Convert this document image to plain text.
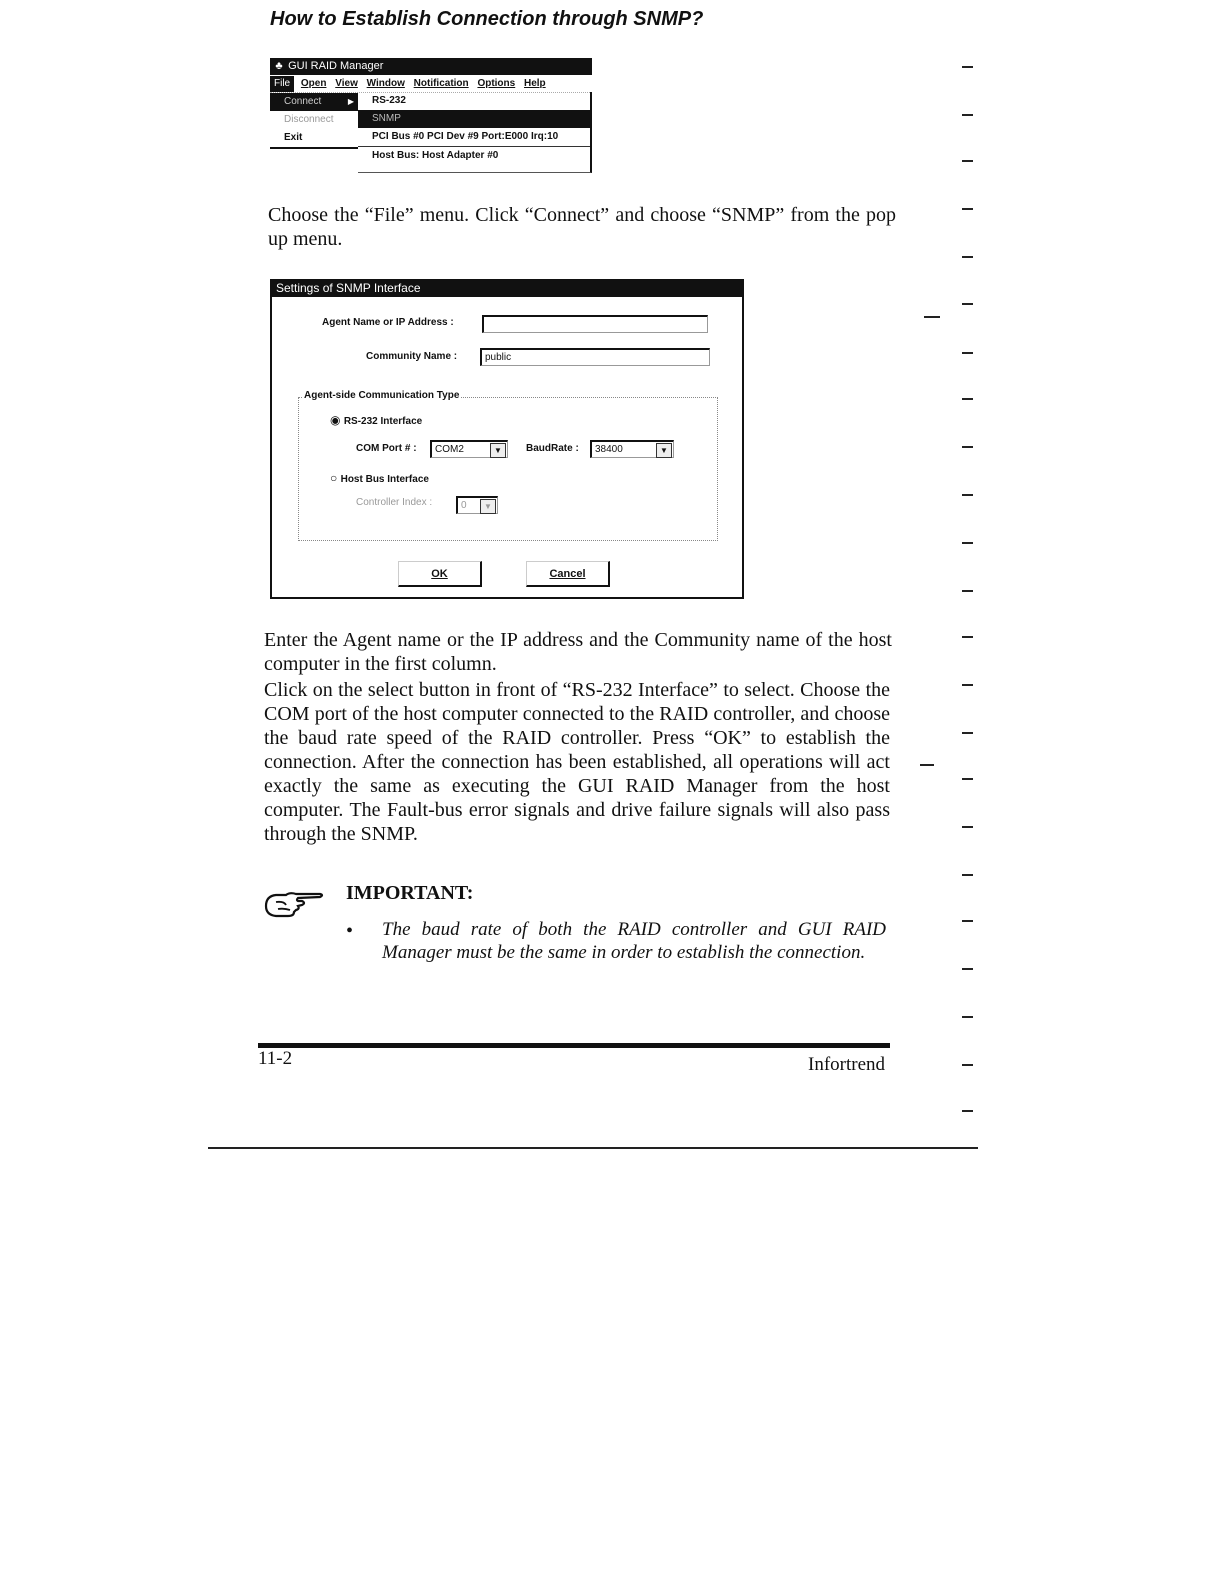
How to Establish Connection through SNMP?
♣ GUI RAID Manager
File Open View Window Notification Options Help
Connect	▶
Disconnect
Exit
RS-232
SNMP
PCI Bus #0 PCI Dev #9 Port:E000 Irq:10
Host Bus: Host Adapter #0
Choose the “File” menu. Click “Connect” and choose “SNMP” from the pop up menu.
Settings of SNMP Interface
Agent Name or IP Address :
Community Name :	public
Agent-side Communication Type
◉ RS-232 Interface
COM Port # :	COM2	▼	BaudRate :	38400	▼
○ Host Bus Interface
Controller Index :	0	▼
OK	Cancel
Enter the Agent name or the IP address and the Community name of the host computer in the first column.
Click on the select button in front of “RS-232 Interface” to select. Choose the COM port of the host computer connected to the RAID controller, and choose the baud rate speed of the RAID controller. Press “OK” to establish the connection. After the connection has been established, all operations will act exactly the same as executing the GUI RAID Manager from the host computer. The Fault-bus error signals and drive failure signals will also pass through the SNMP.
IMPORTANT:
• The baud rate of both the RAID controller and GUI RAID Manager must be the same in order to establish the connection.
11-2	Infortrend
